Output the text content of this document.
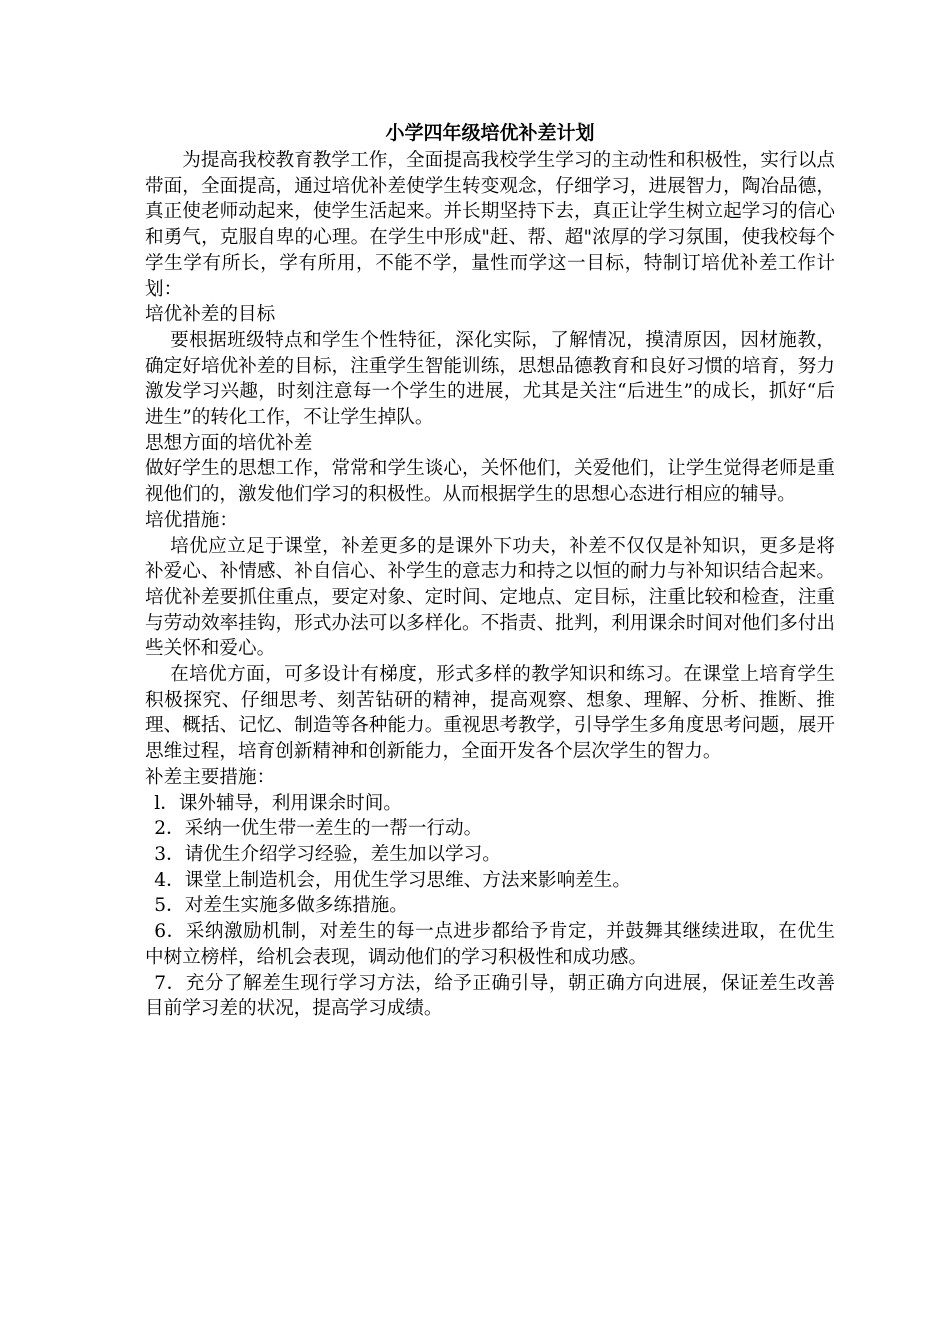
小学四年级培优补差计划

为提高我校教育教学工作，全面提高我校学生学习的主动性和积极性，实行以点带面，全面提高，通过培优补差使学生转变观念，仔细学习，进展智力，陶冶品德，真正使老师动起来，使学生活起来。并长期坚持下去，真正让学生树立起学习的信心和勇气，克服自卑的心理。在学生中形成"赶、帮、超"浓厚的学习氛围，使我校每个学生学有所长，学有所用，不能不学，量性而学这一目标，特制订培优补差工作计划：

培优补差的目标

要根据班级特点和学生个性特征，深化实际，了解情况，摸清原因，因材施教，确定好培优补差的目标，注重学生智能训练，思想品德教育和良好习惯的培育，努力激发学习兴趣，时刻注意每一个学生的进展，尤其是关注“后进生”的成长，抓好“后进生”的转化工作，不让学生掉队。

思想方面的培优补差

做好学生的思想工作，常常和学生谈心，关怀他们，关爱他们，让学生觉得老师是重视他们的，激发他们学习的积极性。从而根据学生的思想心态进行相应的辅导。

培优措施：

培优应立足于课堂，补差更多的是课外下功夫，补差不仅仅是补知识，更多是将补爱心、补情感、补自信心、补学生的意志力和持之以恒的耐力与补知识结合起来。培优补差要抓住重点，要定对象、定时间、定地点、定目标，注重比较和检查，注重与劳动效率挂钩，形式办法可以多样化。不指责、批判，利用课余时间对他们多付出些关怀和爱心。

在培优方面，可多设计有梯度，形式多样的教学知识和练习。在课堂上培育学生积极探究、仔细思考、刻苦钻研的精神，提高观察、想象、理解、分析、推断、推理、概括、记忆、制造等各种能力。重视思考教学，引导学生多角度思考问题，展开思维过程，培育创新精神和创新能力，全面开发各个层次学生的智力。

补差主要措施：

l．课外辅导，利用课余时间。

2．采纳一优生带一差生的一帮一行动。

3．请优生介绍学习经验，差生加以学习。

4．课堂上制造机会，用优生学习思维、方法来影响差生。

5．对差生实施多做多练措施。

6．采纳激励机制，对差生的每一点进步都给予肯定，并鼓舞其继续进取，在优生中树立榜样，给机会表现，调动他们的学习积极性和成功感。

7．充分了解差生现行学习方法，给予正确引导，朝正确方向进展，保证差生改善目前学习差的状况，提高学习成绩。
